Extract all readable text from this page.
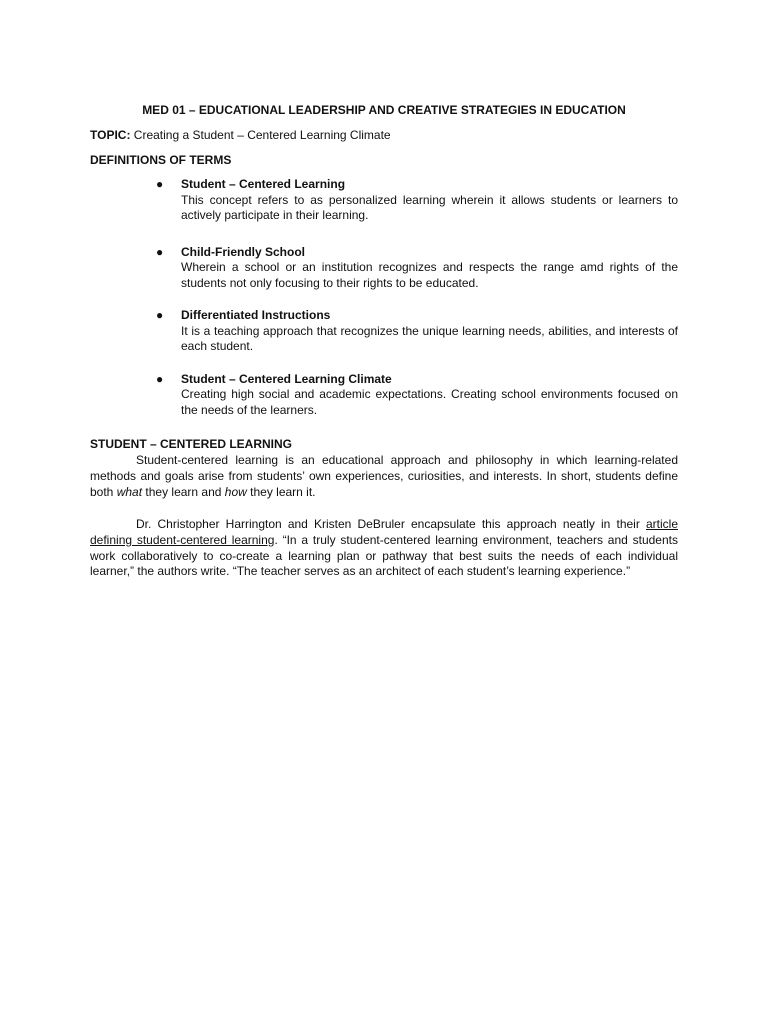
MED 01 – EDUCATIONAL LEADERSHIP AND CREATIVE STRATEGIES IN EDUCATION
TOPIC: Creating a Student – Centered Learning Climate
DEFINITIONS OF TERMS
● Student – Centered Learning
This concept refers to as personalized learning wherein it allows students or learners to actively participate in their learning.
● Child-Friendly School
Wherein a school or an institution recognizes and respects the range amd rights of the students not only focusing to their rights to be educated.
● Differentiated Instructions
It is a teaching approach that recognizes the unique learning needs, abilities, and interests of each student.
● Student – Centered Learning Climate
Creating high social and academic expectations. Creating school environments focused on the needs of the learners.
STUDENT – CENTERED LEARNING

Student-centered learning is an educational approach and philosophy in which learning-related methods and goals arise from students’ own experiences, curiosities, and interests. In short, students define both what they learn and how they learn it.

Dr. Christopher Harrington and Kristen DeBruler encapsulate this approach neatly in their article defining student-centered learning. “In a truly student-centered learning environment, teachers and students work collaboratively to co-create a learning plan or pathway that best suits the needs of each individual learner,” the authors write. “The teacher serves as an architect of each student’s learning experience.”
